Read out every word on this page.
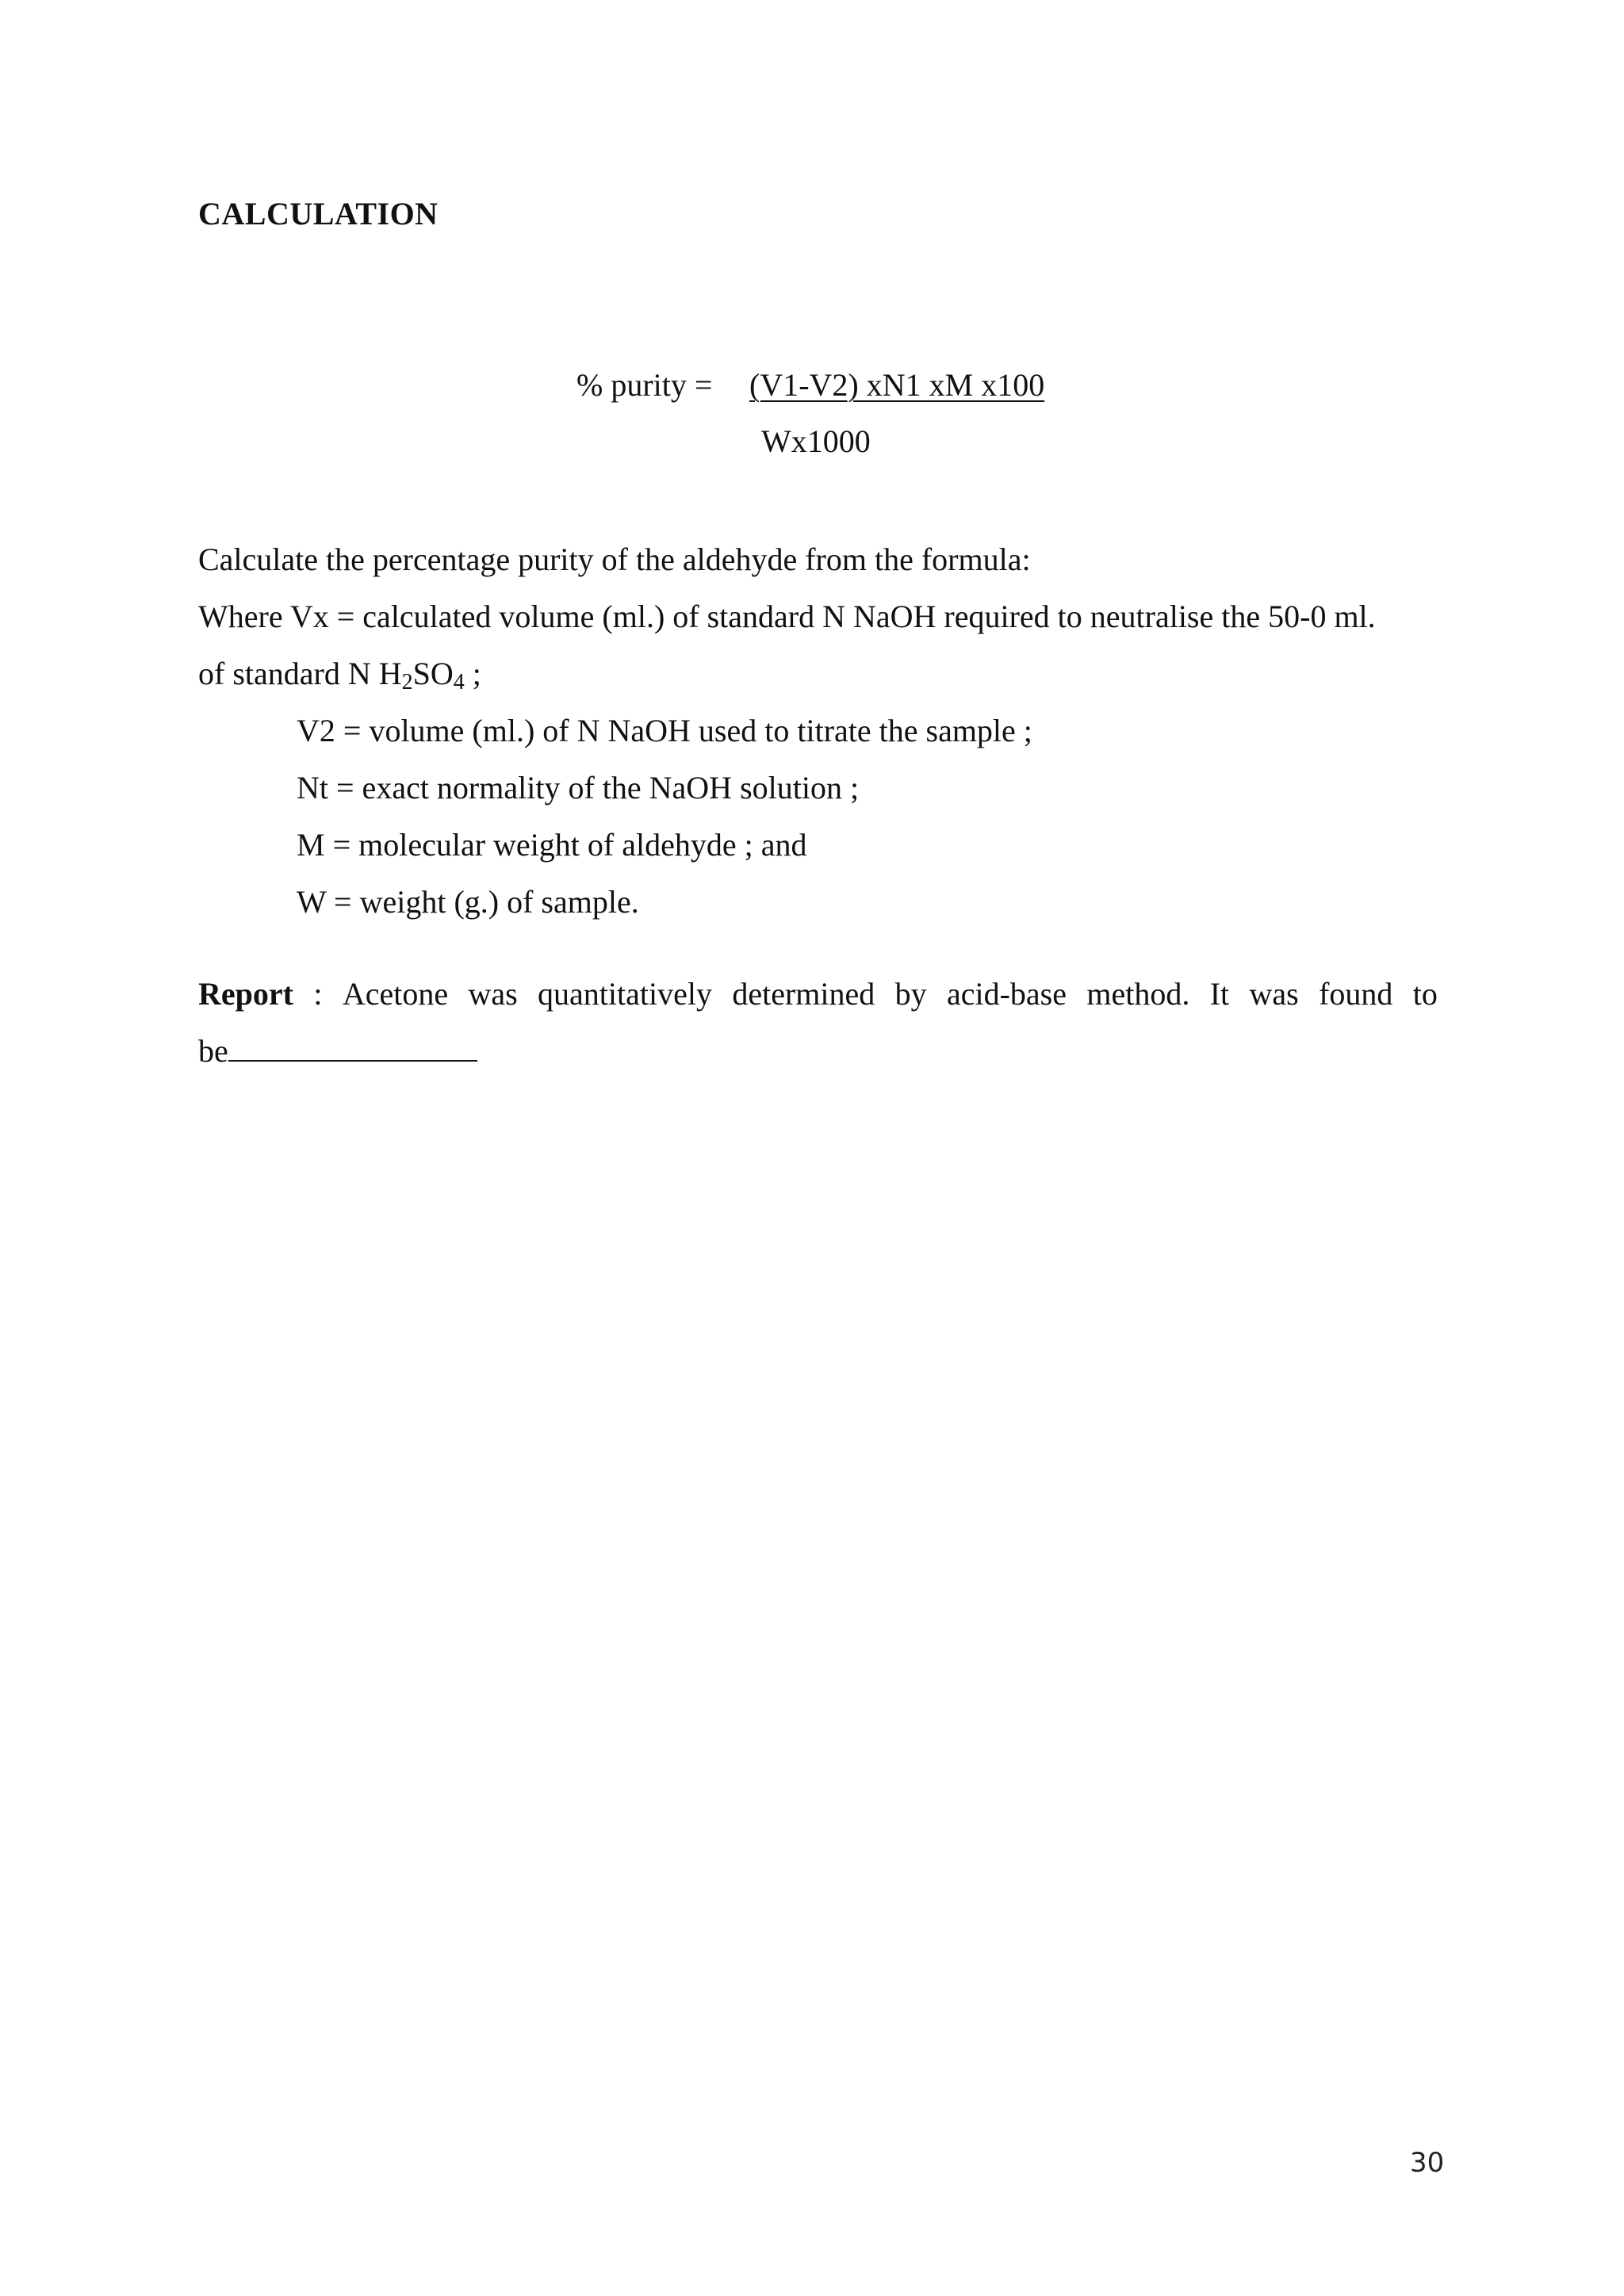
CALCULATION
% purity = (V1-V2) xN1 xM x100
Wx1000
Calculate the percentage purity of the aldehyde from the formula:
Where Vx = calculated volume (ml.) of standard N NaOH required to neutralise the 50-0 ml.
of standard N $H_2SO_4$ ;
V2 = volume (ml.) of N NaOH used to titrate the sample ;
Nt = exact normality of the NaOH solution ;
M = molecular weight of aldehyde ; and
W = weight (g.) of sample.
Report : Acetone was quantitatively determined by acid-base method. It was found to
be
30
